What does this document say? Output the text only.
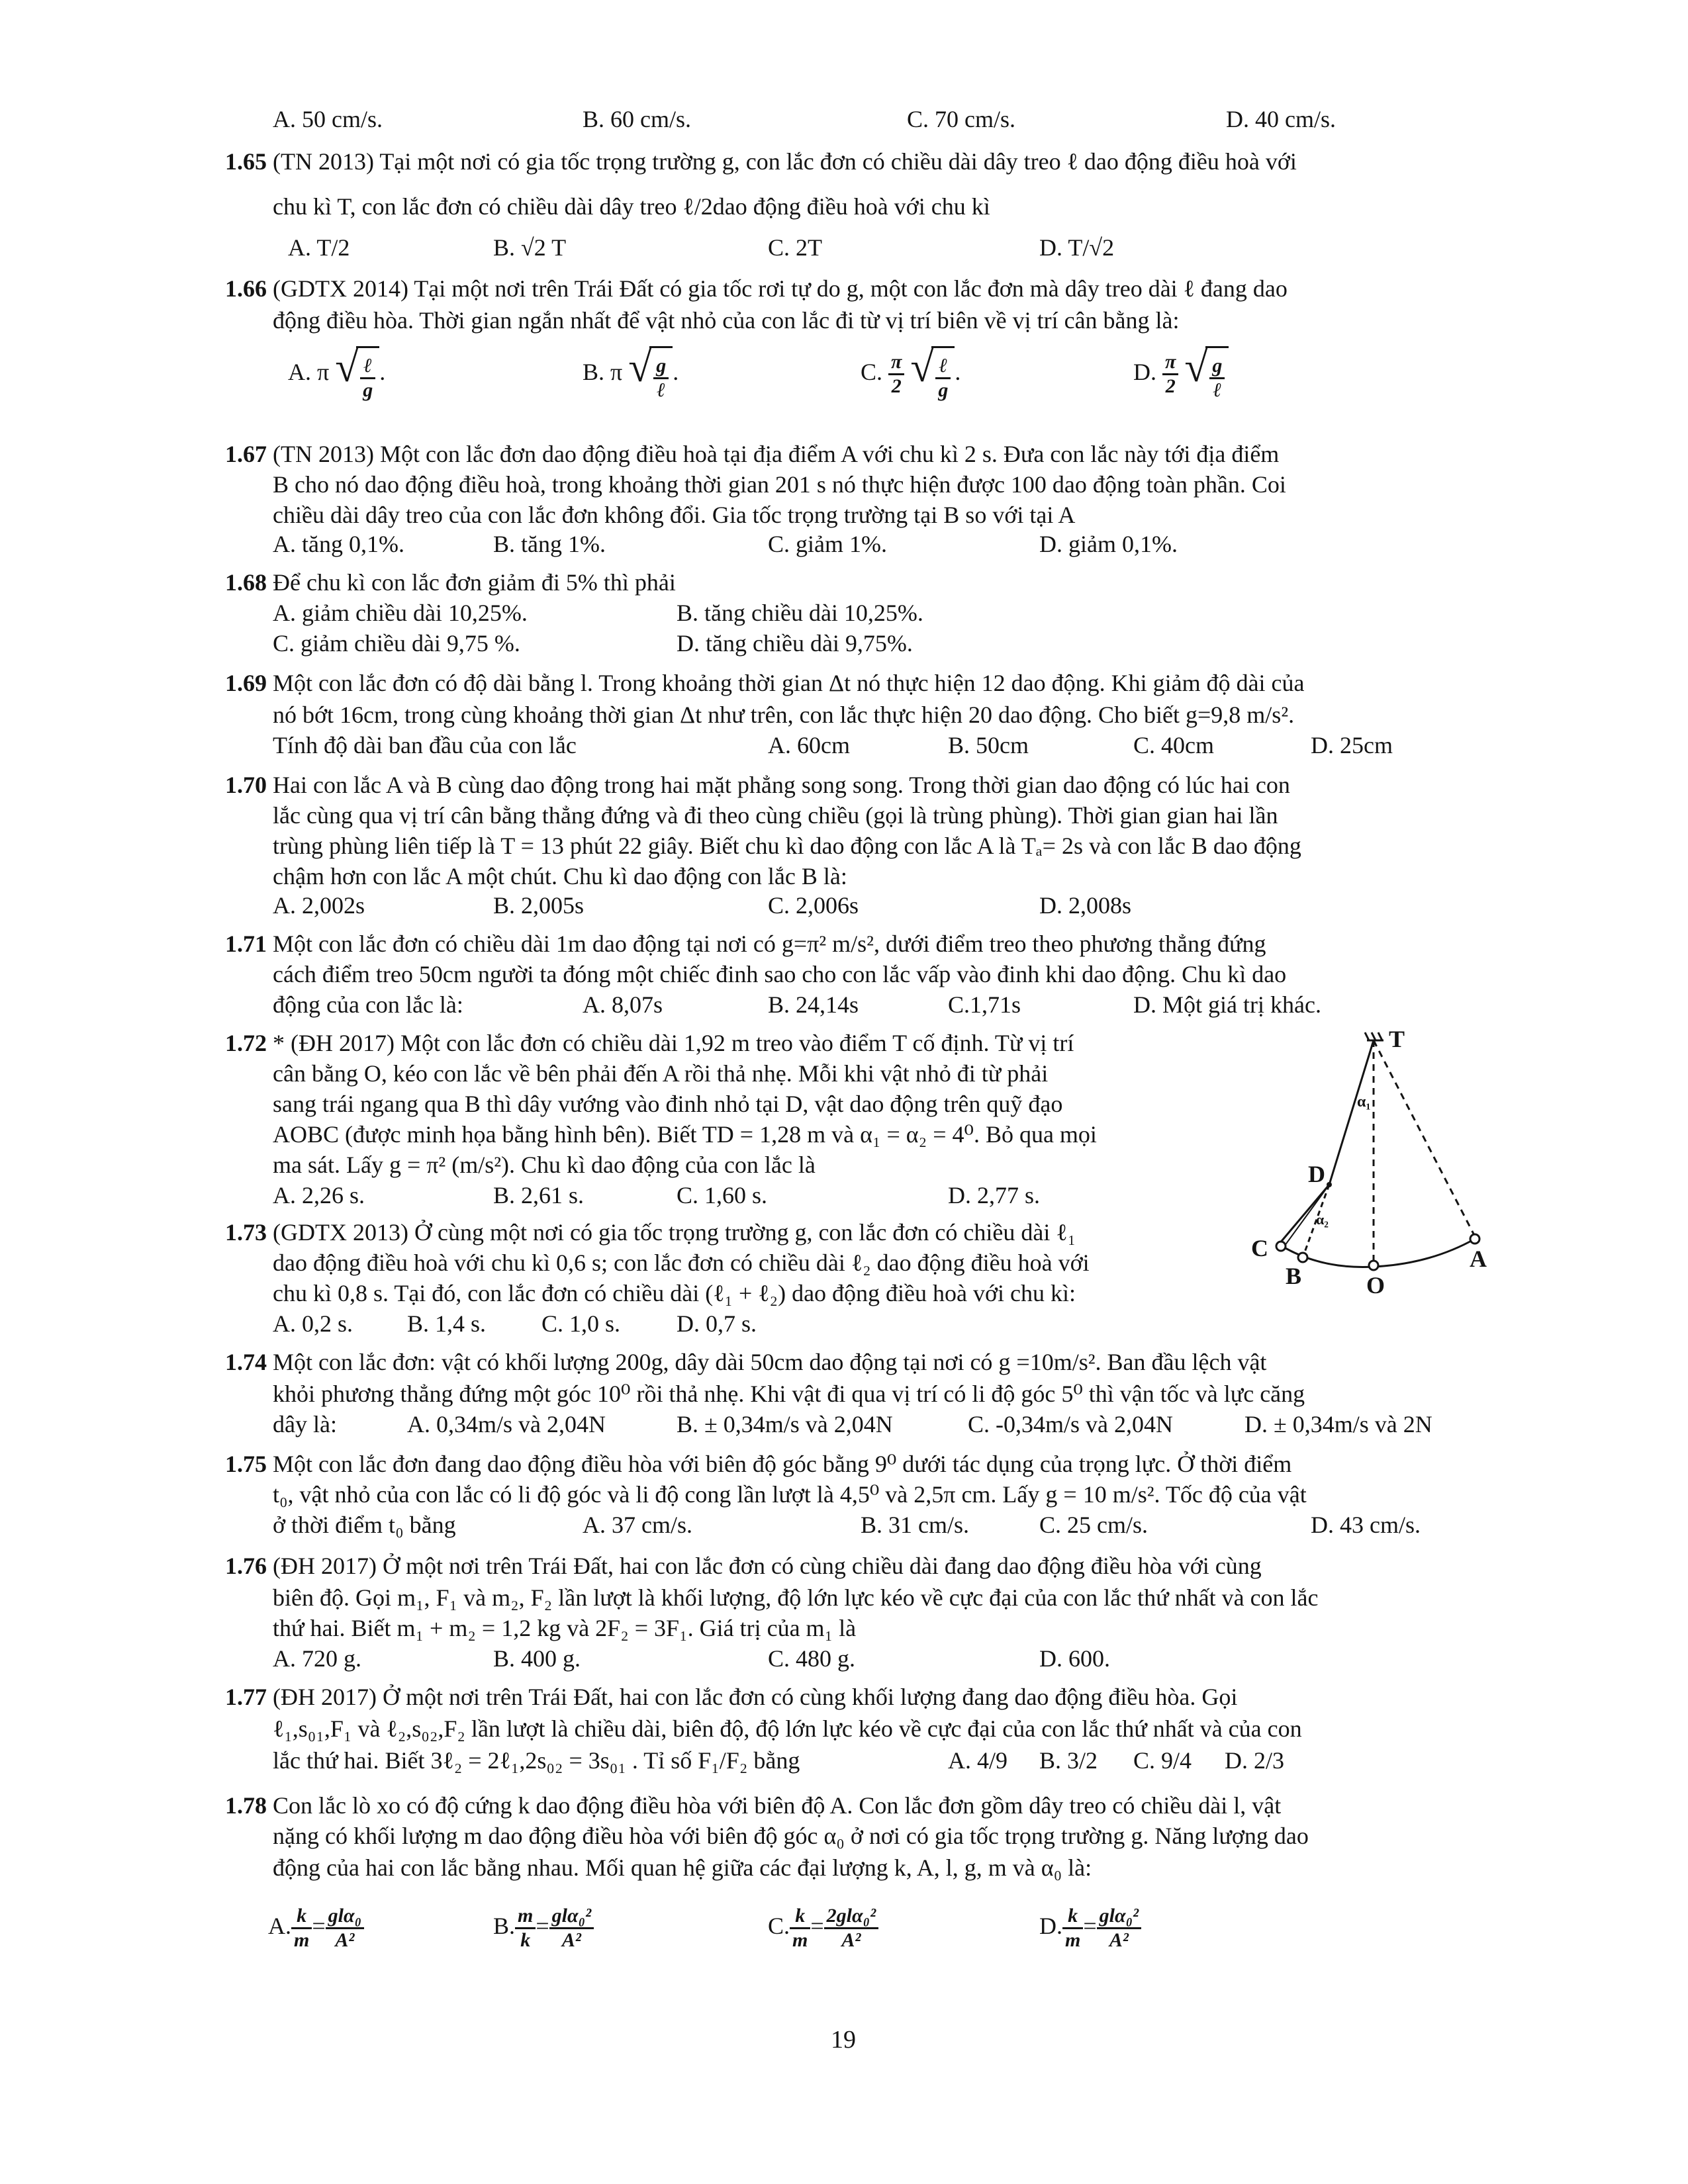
A. 50 cm/s.	B. 60 cm/s.	C. 70 cm/s.	D. 40 cm/s.
1.65 (TN 2013) Tại một nơi có gia tốc trọng trường g, con lắc đơn có chiều dài dây treo ℓ dao động điều hoà với
chu kì T, con lắc đơn có chiều dài dây treo ℓ/2dao động điều hoà với chu kì
A. T/2	B. √2 T	C. 2T	D. T/√2
1.66 (GDTX 2014) Tại một nơi trên Trái Đất có gia tốc rơi tự do g, một con lắc đơn mà dây treo dài ℓ đang dao
động điều hòa. Thời gian ngắn nhất để vật nhỏ của con lắc đi từ vị trí biên về vị trí cân bằng là:
A. π √ $\frac{\text{ℓ}}{g}$ .	B. π √ $\frac{g}{\text{ℓ}}$ .	C. $\frac{\pi}{2}$
√ $\frac{\text{ℓ}}{g}$ .	D. $\frac{\pi}{2}$
√ $\frac{g}{\text{ℓ}}$
1.67 (TN 2013) Một con lắc đơn dao động điều hoà tại địa điểm A với chu kì 2 s. Đưa con lắc này tới địa điểm
B cho nó dao động điều hoà, trong khoảng thời gian 201 s nó thực hiện được 100 dao động toàn phần. Coi
chiều dài dây treo của con lắc đơn không đổi. Gia tốc trọng trường tại B so với tại A
A. tăng 0,1%.	B. tăng 1%.	C. giảm 1%.	D. giảm 0,1%.
1.68 Để chu kì con lắc đơn giảm đi 5% thì phải
A. giảm chiều dài 10,25%.	B. tăng chiều dài 10,25%.
C. giảm chiều dài 9,75 %.	D. tăng chiều dài 9,75%.
1.69 Một con lắc đơn có độ dài bằng l. Trong khoảng thời gian Δt nó thực hiện 12 dao động. Khi giảm độ dài của
nó bớt 16cm, trong cùng khoảng thời gian Δt như trên, con lắc thực hiện 20 dao động. Cho biết g=9,8 m/s².
Tính độ dài ban đầu của con lắc	A. 60cm	B. 50cm	C. 40cm	D. 25cm
1.70 Hai con lắc A và B cùng dao động trong hai mặt phẳng song song. Trong thời gian dao động có lúc hai con
lắc cùng qua vị trí cân bằng thẳng đứng và đi theo cùng chiều (gọi là trùng phùng). Thời gian gian hai lần
trùng phùng liên tiếp là T = 13 phút 22 giây. Biết chu kì dao động con lắc A là Tₐ= 2s và con lắc B dao động
chậm hơn con lắc A một chút. Chu kì dao động con lắc B là:
A. 2,002s	B. 2,005s	C. 2,006s	D. 2,008s
1.71 Một con lắc đơn có chiều dài 1m dao động tại nơi có g=π² m/s², dưới điểm treo theo phương thẳng đứng
cách điểm treo 50cm người ta đóng một chiếc đinh sao cho con lắc vấp vào đinh khi dao động. Chu kì dao
động của con lắc là:	A. 8,07s	B. 24,14s	C.1,71s	D. Một giá trị khác.
1.72 * (ĐH 2017) Một con lắc đơn có chiều dài 1,92 m treo vào điểm T cố định. Từ vị trí
cân bằng O, kéo con lắc về bên phải đến A rồi thả nhẹ. Mỗi khi vật nhỏ đi từ phải
sang trái ngang qua B thì dây vướng vào đinh nhỏ tại D, vật dao động trên quỹ đạo
AOBC (được minh họa bằng hình bên). Biết TD = 1,28 m và α₁ = α₂ = 4⁰. Bỏ qua mọi
ma sát. Lấy g = π² (m/s²). Chu kì dao động của con lắc là
A. 2,26 s.	B. 2,61 s.	C. 1,60 s.	D. 2,77 s.
T
α₁
α₂
D
C
B	O
A
1.73 (GDTX 2013) Ở cùng một nơi có gia tốc trọng trường g, con lắc đơn có chiều dài ℓ₁
dao động điều hoà với chu kì 0,6 s; con lắc đơn có chiều dài ℓ₂ dao động điều hoà với
chu kì 0,8 s. Tại đó, con lắc đơn có chiều dài (ℓ₁ + ℓ₂) dao động điều hoà với chu kì:
A. 0,2 s. B. 1,4 s. C. 1,0 s. D. 0,7 s.
1.74 Một con lắc đơn: vật có khối lượng 200g, dây dài 50cm dao động tại nơi có g =10m/s². Ban đầu lệch vật
khỏi phương thẳng đứng một góc 10⁰ rồi thả nhẹ. Khi vật đi qua vị trí có li độ góc 5⁰ thì vận tốc và lực căng
dây là:	A. 0,34m/s và 2,04N	B. ± 0,34m/s và 2,04N	C. -0,34m/s và 2,04N	D. ± 0,34m/s và 2N
1.75 Một con lắc đơn đang dao động điều hòa với biên độ góc bằng 9⁰ dưới tác dụng của trọng lực. Ở thời điểm
t₀, vật nhỏ của con lắc có li độ góc và li độ cong lần lượt là 4,5⁰ và 2,5π cm. Lấy g = 10 m/s². Tốc độ của vật
ở thời điểm t₀ bằng	A. 37 cm/s.	B. 31 cm/s.	C. 25 cm/s.	D. 43 cm/s.
1.76 (ĐH 2017) Ở một nơi trên Trái Đất, hai con lắc đơn có cùng chiều dài đang dao động điều hòa với cùng
biên độ. Gọi m₁, F₁ và m₂, F₂ lần lượt là khối lượng, độ lớn lực kéo về cực đại của con lắc thứ nhất và con lắc
thứ hai. Biết m₁ + m₂ = 1,2 kg và 2F₂ = 3F₁. Giá trị của m₁ là
A. 720 g.	B. 400 g.	C. 480 g.	D. 600.
1.77 (ĐH 2017) Ở một nơi trên Trái Đất, hai con lắc đơn có cùng khối lượng đang dao động điều hòa. Gọi
ℓ₁,s₀₁,F₁ và ℓ₂,s₀₂,F₂ lần lượt là chiều dài, biên độ, độ lớn lực kéo về cực đại của con lắc thứ nhất và của con
lắc thứ hai. Biết 3ℓ₂ = 2ℓ₁,2s₀₂ = 3s₀₁ . Tỉ số F₁/F₂ bằng	A. 4/9 B. 3/2 C. 9/4 D. 2/3
1.78 Con lắc lò xo có độ cứng k dao động điều hòa với biên độ A. Con lắc đơn gồm dây treo có chiều dài l, vật
nặng có khối lượng m dao động điều hòa với biên độ góc α₀ ở nơi có gia tốc trọng trường g. Năng lượng dao
động của hai con lắc bằng nhau. Mối quan hệ giữa các đại lượng k, A, l, g, m và α₀ là:
A. $\frac{k}{m} = \frac{\text{glα₀}}{\text{A²}}$	B. $\frac{m}{k} = \frac{\text{glα₀²}}{\text{A²}}$	C. $\frac{k}{m} = \frac{\text{2glα₀²}}{\text{A²}}$	D. $\frac{k}{m} = \frac{\text{glα₀²}}{\text{A²}}$
19
